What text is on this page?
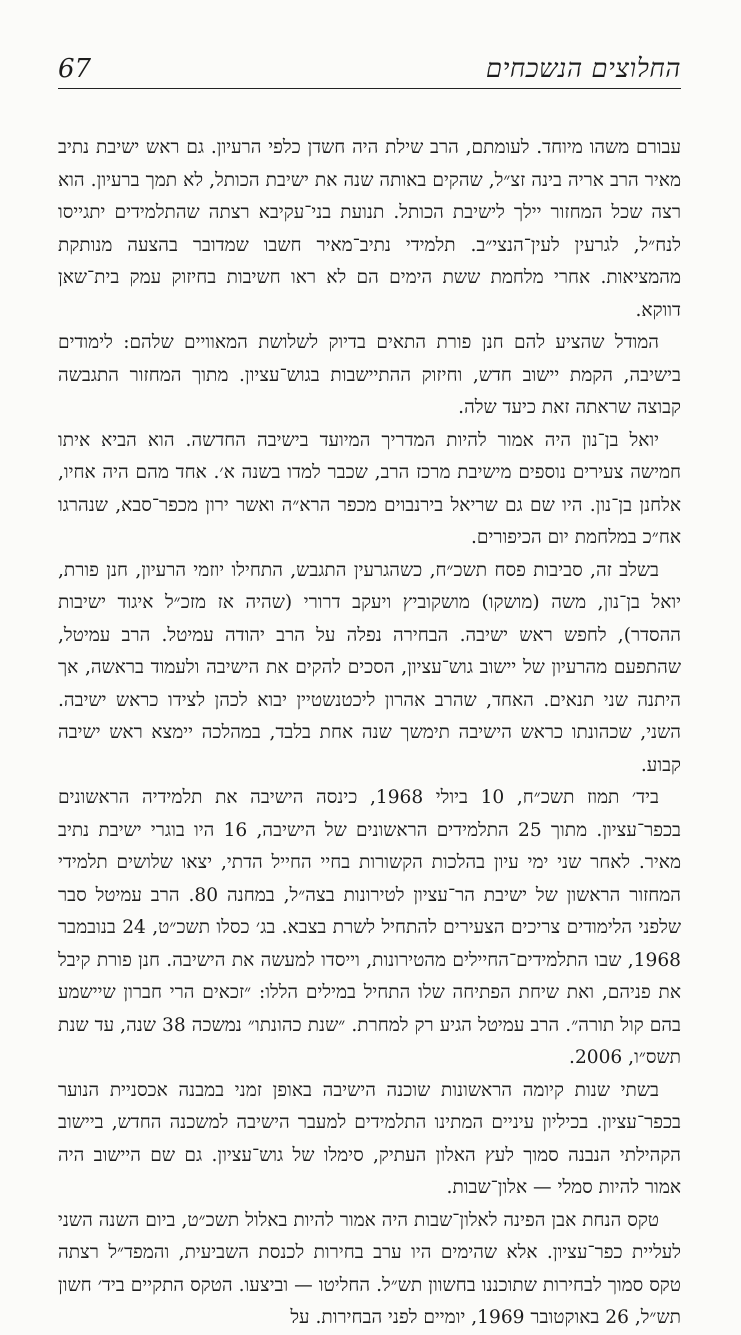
החלוצים הנשכחים
67

עבורם משהו מיוחד. לעומתם, הרב שילת היה חשדן כלפי הרעיון. גם ראש ישיבת נתיב מאיר הרב אריה בינה זצ״ל, שהקים באותה שנה את ישיבת הכותל, לא תמך ברעיון. הוא רצה שכל המחזור יילך לישיבת הכותל. תנועת בני־עקיבא רצתה שהתלמידים יתגייסו לנח״ל, לגרעין לעין־הנצי״ב. תלמידי נתיב־מאיר חשבו שמדובר בהצעה מנותקת מהמציאות. אחרי מלחמת ששת הימים הם לא ראו חשיבות בחיזוק עמק בית־שאן דווקא.

המודל שהציע להם חנן פורת התאים בדיוק לשלושת המאוויים שלהם: לימודים בישיבה, הקמת יישוב חדש, וחיזוק ההתיישבות בגוש־עציון. מתוך המחזור התגבשה קבוצה שראתה זאת כיעד שלה.

יואל בן־נון היה אמור להיות המדריך המיועד בישיבה החדשה. הוא הביא איתו חמישה צעירים נוספים מישיבת מרכז הרב, שכבר למדו בשנה א׳. אחד מהם היה אחיו, אלחנן בן־נון. היו שם גם שריאל בירנבוים מכפר הרא״ה ואשר ירון מכפר־סבא, שנהרגו אח״כ במלחמת יום הכיפורים.

בשלב זה, סביבות פסח תשכ״ח, כשהגרעין התגבש, התחילו יוזמי הרעיון, חנן פורת, יואל בן־נון, משה (מושקו) מושקוביץ ויעקב דרורי (שהיה אז מזכ״ל איגוד ישיבות ההסדר), לחפש ראש ישיבה. הבחירה נפלה על הרב יהודה עמיטל. הרב עמיטל, שהתפעם מהרעיון של יישוב גוש־עציון, הסכים להקים את הישיבה ולעמוד בראשה, אך היתנה שני תנאים. האחד, שהרב אהרון ליכטנשטיין יבוא לכהן לצידו כראש ישיבה. השני, שכהונתו כראש הישיבה תימשך שנה אחת בלבד, במהלכה יימצא ראש ישיבה קבוע.

ביד׳ תמוז תשכ״ח, 10 ביולי 1968, כינסה הישיבה את תלמידיה הראשונים בכפר־עציון. מתוך 25 התלמידים הראשונים של הישיבה, 16 היו בוגרי ישיבת נתיב מאיר. לאחר שני ימי עיון בהלכות הקשורות בחיי החייל הדתי, יצאו שלושים תלמידי המחזור הראשון של ישיבת הר־עציון לטירונות בצה״ל, במחנה 80. הרב עמיטל סבר שלפני הלימודים צריכים הצעירים להתחיל לשרת בצבא. בג׳ כסלו תשכ״ט, 24 בנובמבר 1968, שבו התלמידים־החיילים מהטירונות, וייסדו למעשה את הישיבה. חנן פורת קיבל את פניהם, ואת שיחת הפתיחה שלו התחיל במילים הללו: ״זכאים הרי חברון שיישמע בהם קול תורה״. הרב עמיטל הגיע רק למחרת. ״שנת כהונתו״ נמשכה 38 שנה, עד שנת תשס״ו, 2006.

בשתי שנות קיומה הראשונות שוכנה הישיבה באופן זמני במבנה אכסניית הנוער בכפר־עציון. בכיליון עיניים המתינו התלמידים למעבר הישיבה למשכנה החדש, ביישוב הקהילתי הנבנה סמוך לעץ האלון העתיק, סימלו של גוש־עציון. גם שם היישוב היה אמור להיות סמלי — אלון־שבות.

טקס הנחת אבן הפינה לאלון־שבות היה אמור להיות באלול תשכ״ט, ביום השנה השני לעליית כפר־עציון. אלא שהימים היו ערב בחירות לכנסת השביעית, והמפד״ל רצתה טקס סמוך לבחירות שתוכננו בחשוון תש״ל. החליטו — וביצעו. הטקס התקיים ביד׳ חשון תש״ל, 26 באוקטובר 1969, יומיים לפני הבחירות. על
